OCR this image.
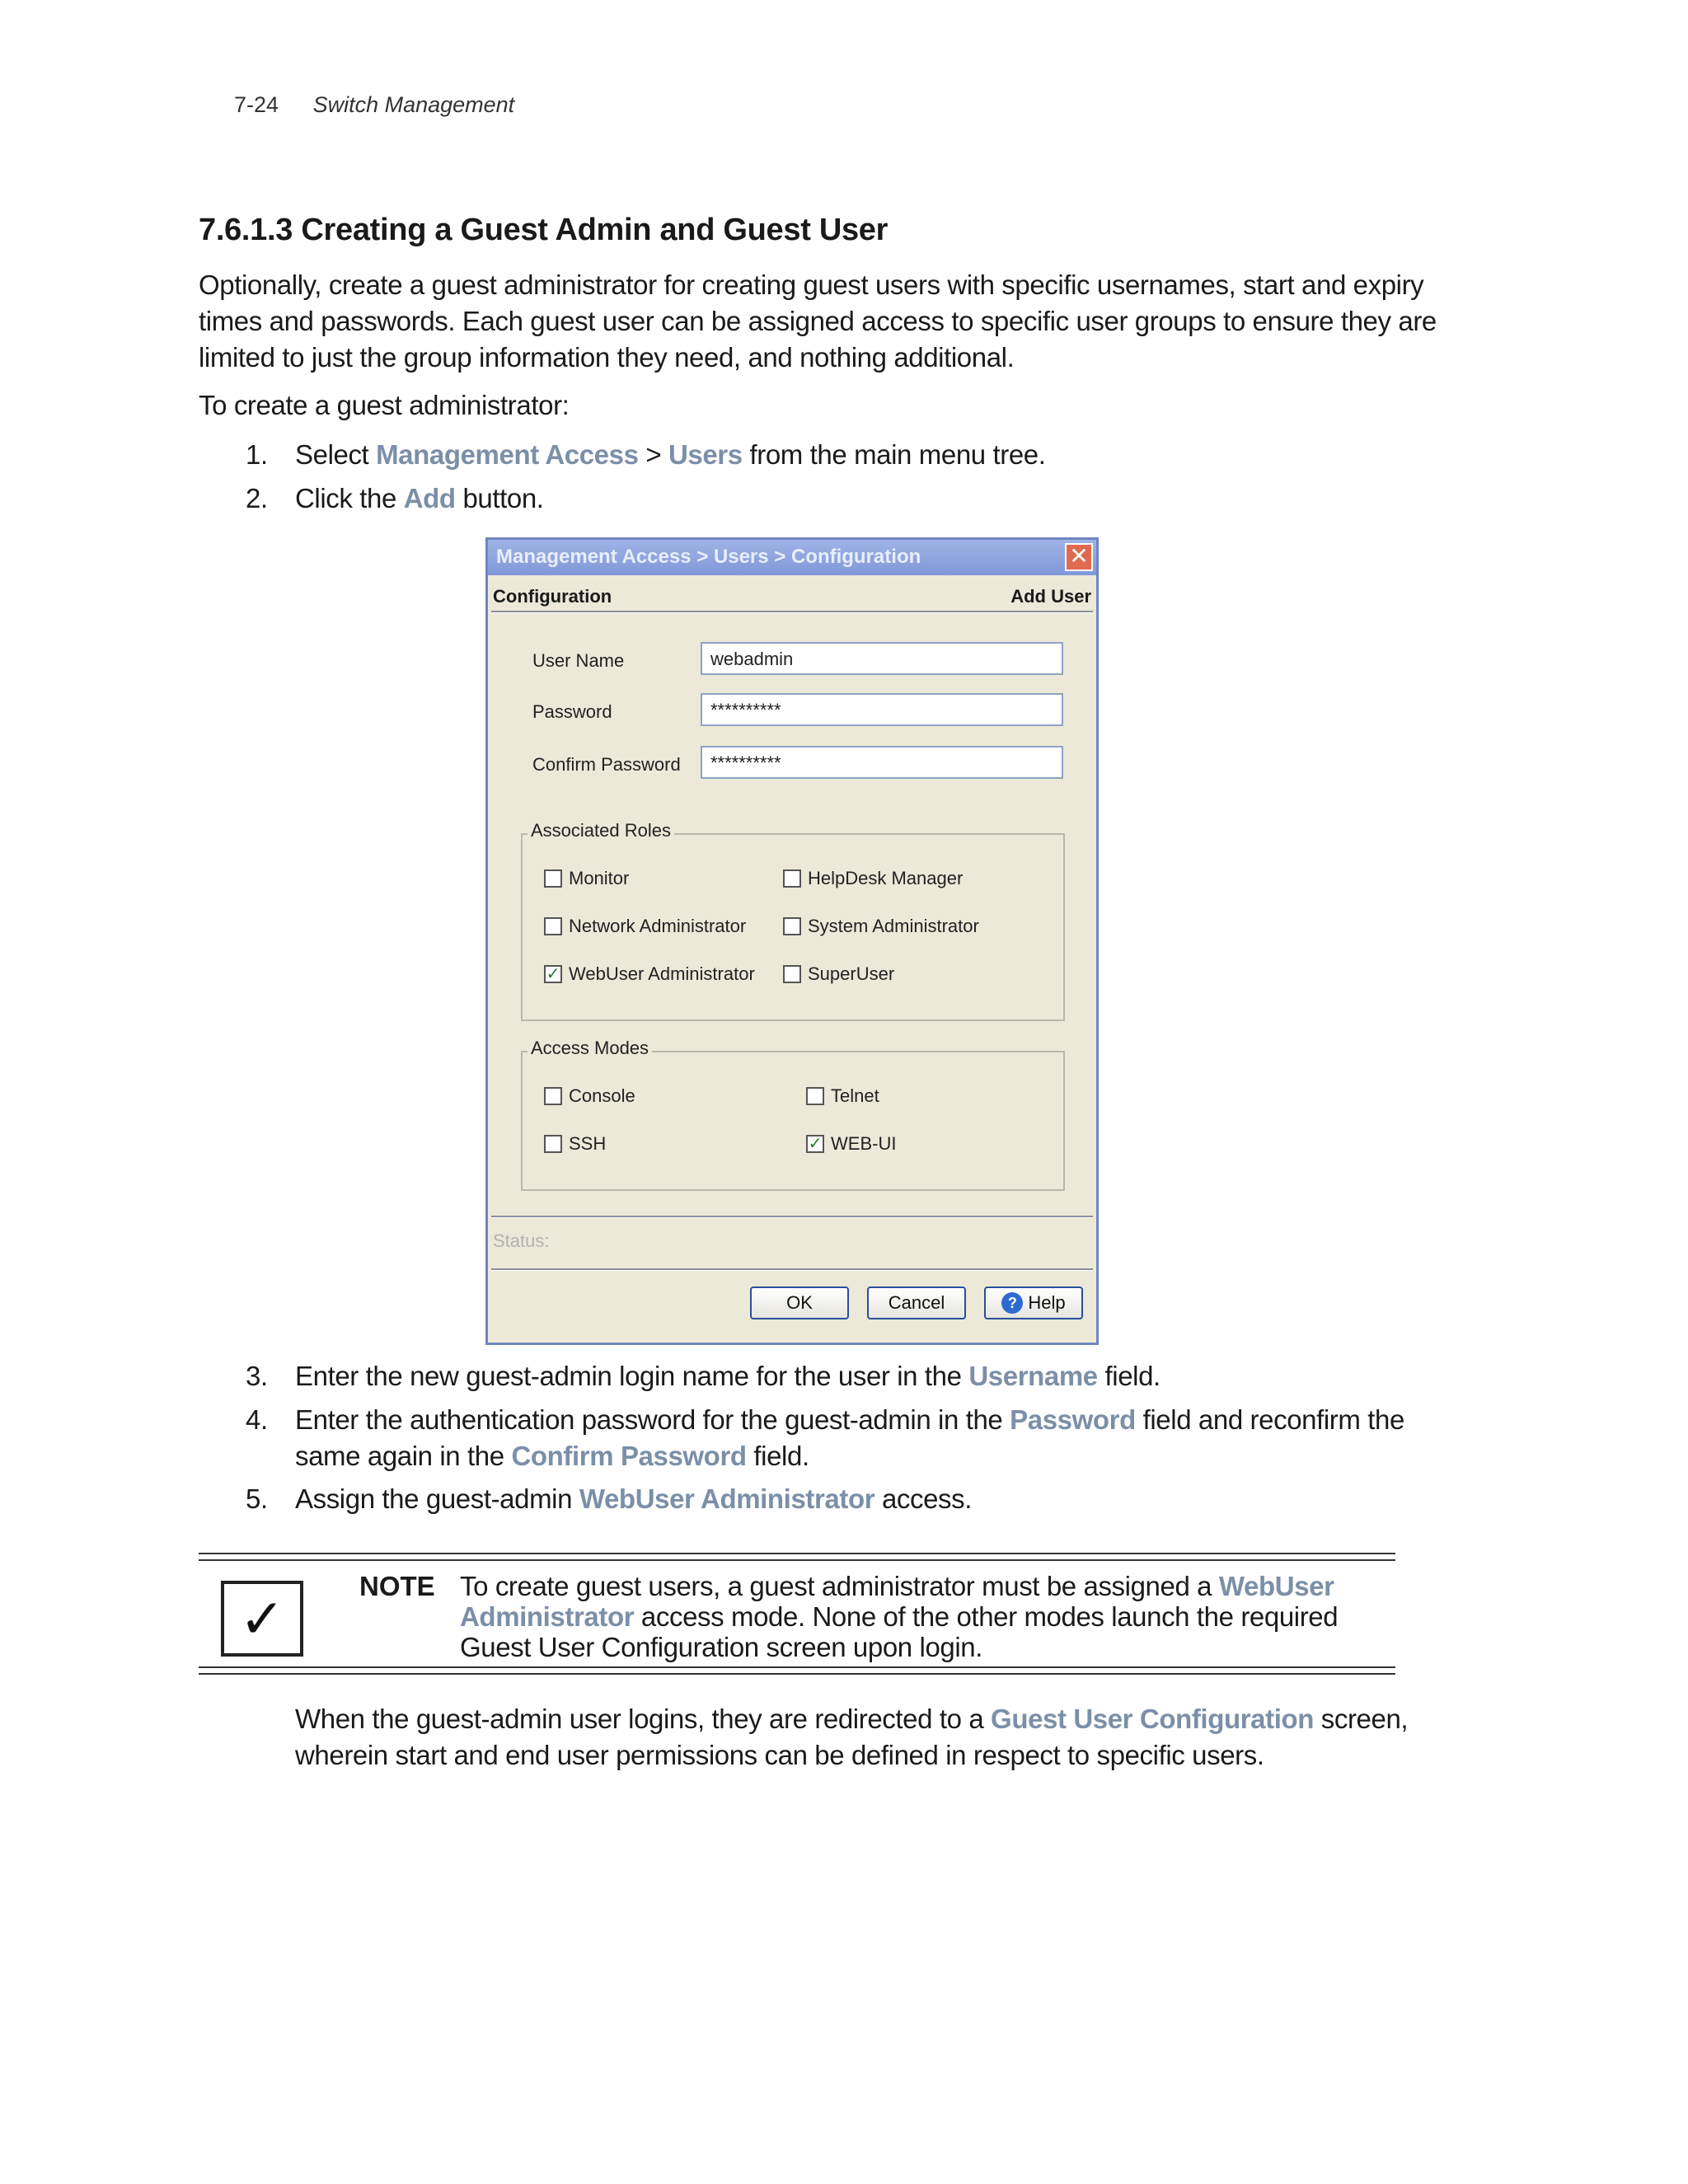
7-24 Switch Management
7.6.1.3 Creating a Guest Admin and Guest User
Optionally, create a guest administrator for creating guest users with specific usernames, start and expiry
times and passwords. Each guest user can be assigned access to specific user groups to ensure they are
limited to just the group information they need, and nothing additional.
To create a guest administrator:
1. Select Management Access > Users from the main menu tree.
2. Click the Add button.
Management Access > Users > Configuration	✕
Configuration	Add User
User Name	webadmin
Password	**********
Confirm Password	**********
Associated Roles
Monitor	HelpDesk Manager
Network Administrator	System Administrator
✓ WebUser Administrator	SuperUser
Access Modes
Console	Telnet
SSH	✓ WEB-UI
Status:
OK	Cancel	? Help
3. Enter the new guest-admin login name for the user in the Username field.
4. Enter the authentication password for the guest-admin in the Password field and reconfirm the
same again in the Confirm Password field.
5. Assign the guest-admin WebUser Administrator access.
✓
NOTE To create guest users, a guest administrator must be assigned a WebUser Administrator access mode. None of the other modes launch the required Guest User Configuration screen upon login.
When the guest-admin user logins, they are redirected to a Guest User Configuration screen,
wherein start and end user permissions can be defined in respect to specific users.
